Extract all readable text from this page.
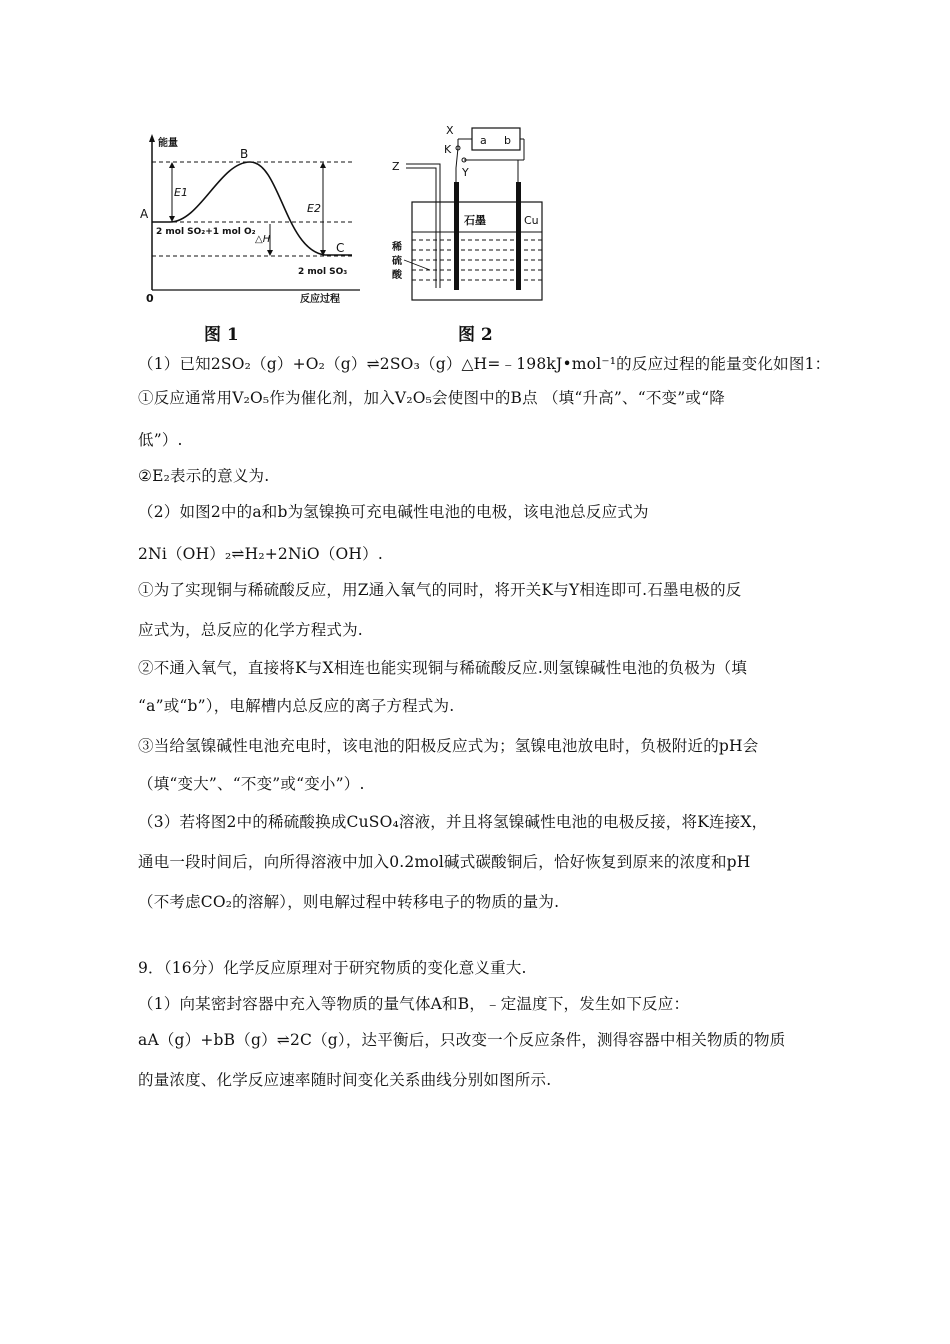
能量
0	反应过程
A
B
C
E1
E2
△H
2 mol SO₂+1 mol O₂
2 mol SO₃
a b
X
K
Y
Z
石墨	Cu
稀
硫
酸
图 1	图 2
（1）已知2SO₂（g）+O₂（g）⇌2SO₃（g）△H=﹣198kJ•mol⁻¹的反应过程的能量变化如图1：
①反应通常用V₂O₅作为催化剂，加入V₂O₅会使图中的B点 （填“升高”、“不变”或“降
低”）.
②E₂表示的意义为.
（2）如图2中的a和b为氢镍换可充电碱性电池的电极，该电池总反应式为
2Ni（OH）₂⇌H₂+2NiO（OH）.
①为了实现铜与稀硫酸反应，用Z通入氧气的同时，将开关K与Y相连即可.石墨电极的反
应式为，总反应的化学方程式为.
②不通入氧气，直接将K与X相连也能实现铜与稀硫酸反应.则氢镍碱性电池的负极为（填
“a”或“b”），电解槽内总反应的离子方程式为.
③当给氢镍碱性电池充电时，该电池的阳极反应式为；氢镍电池放电时，负极附近的pH会
（填“变大”、“不变”或“变小”）.
（3）若将图2中的稀硫酸换成CuSO₄溶液，并且将氢镍碱性电池的电极反接，将K连接X，
通电一段时间后，向所得溶液中加入0.2mol碱式碳酸铜后，恰好恢复到原来的浓度和pH
（不考虑CO₂的溶解），则电解过程中转移电子的物质的量为.
9．（16分）化学反应原理对于研究物质的变化意义重大.
（1）向某密封容器中充入等物质的量气体A和B，﹣定温度下，发生如下反应：
aA（g）+bB（g）⇌2C（g），达平衡后，只改变一个反应条件，测得容器中相关物质的物质
的量浓度、化学反应速率随时间变化关系曲线分别如图所示.
